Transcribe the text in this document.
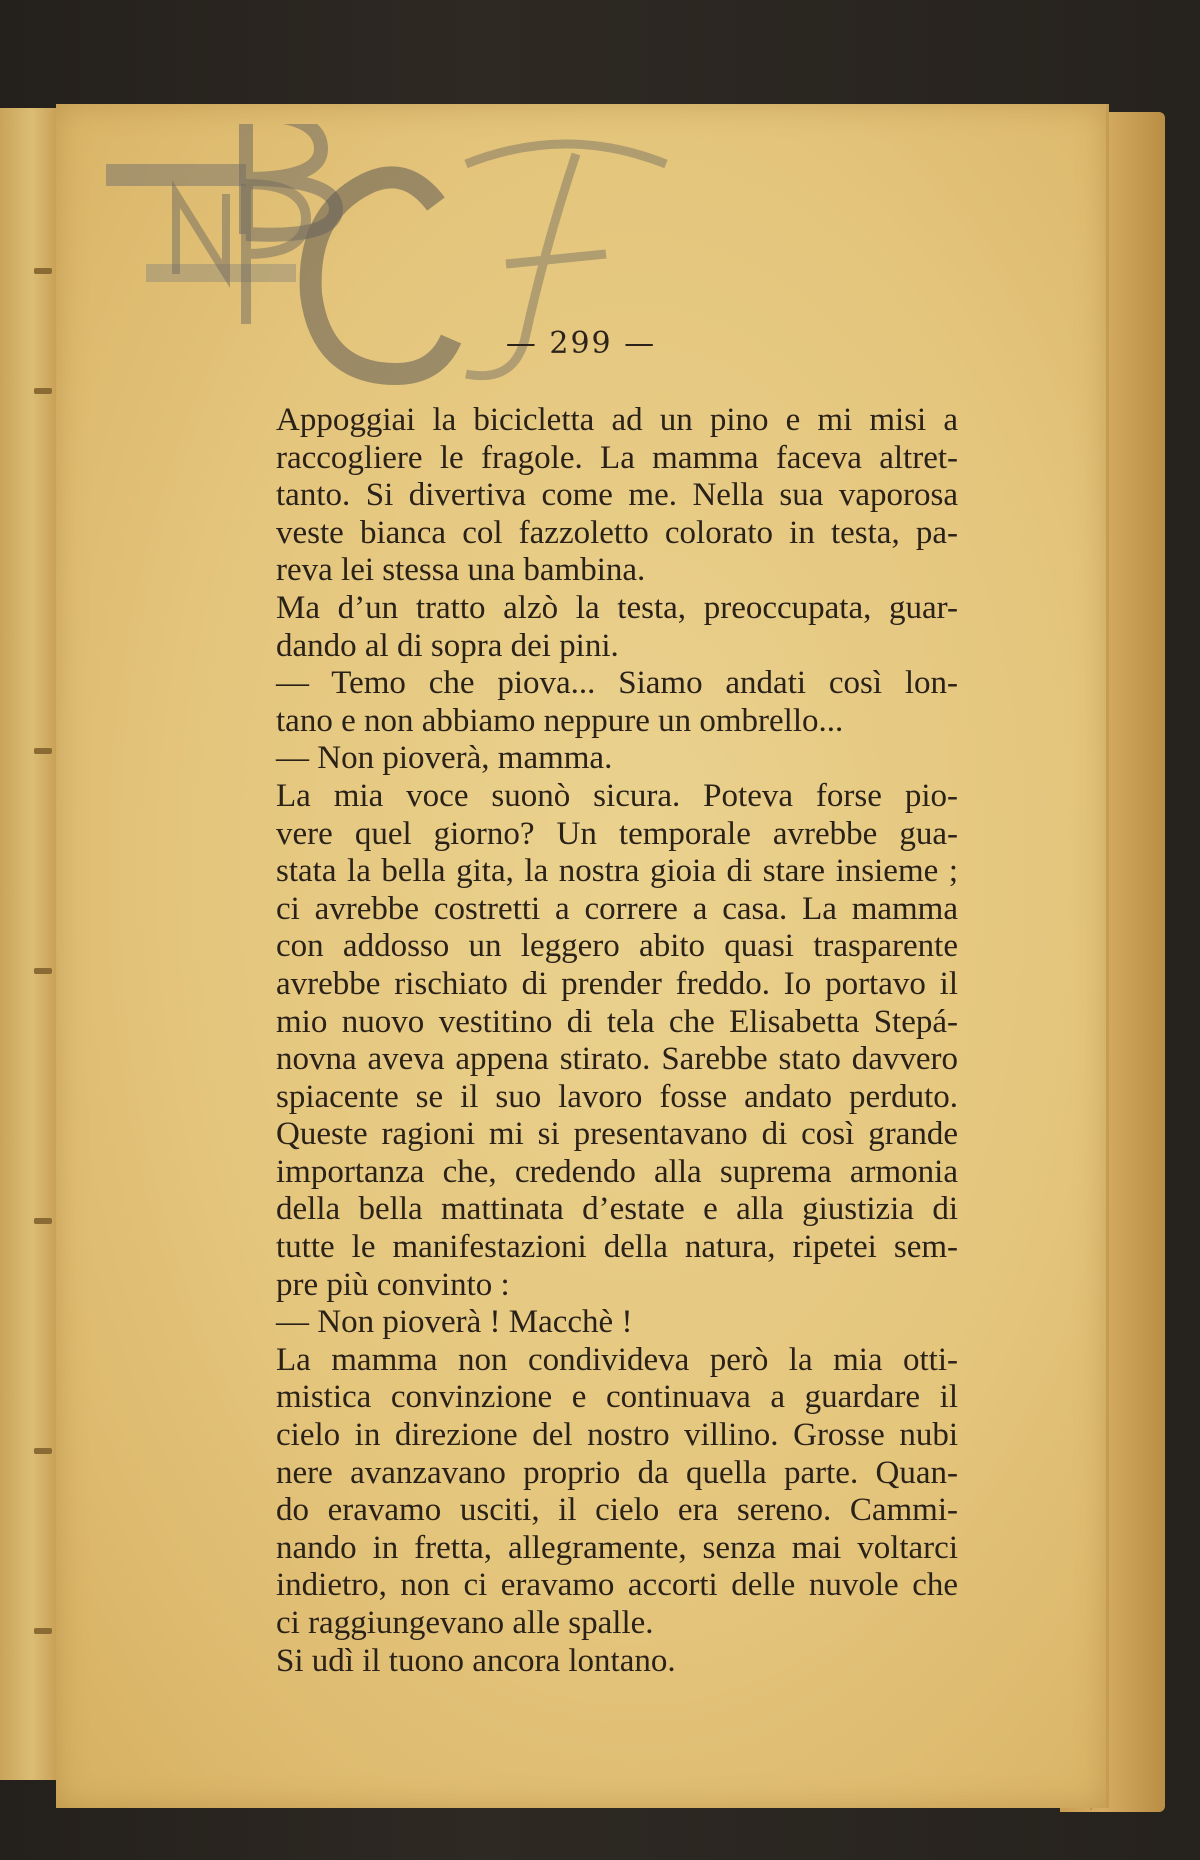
— 299 —
Appoggiai la bicicletta ad un pino e mi misi a
raccogliere le fragole. La mamma faceva altret-
tanto. Si divertiva come me. Nella sua vaporosa
veste bianca col fazzoletto colorato in testa, pa-
reva lei stessa una bambina.
Ma d’un tratto alzò la testa, preoccupata, guar-
dando al di sopra dei pini.
— Temo che piova... Siamo andati così lon-
tano e non abbiamo neppure un ombrello...
— Non pioverà, mamma.
La mia voce suonò sicura. Poteva forse pio-
vere quel giorno? Un temporale avrebbe gua-
stata la bella gita, la nostra gioia di stare insieme ;
ci avrebbe costretti a correre a casa. La mamma
con addosso un leggero abito quasi trasparente
avrebbe rischiato di prender freddo. Io portavo il
mio nuovo vestitino di tela che Elisabetta Stepá-
novna aveva appena stirato. Sarebbe stato davvero
spiacente se il suo lavoro fosse andato perduto.
Queste ragioni mi si presentavano di così grande
importanza che, credendo alla suprema armonia
della bella mattinata d’estate e alla giustizia di
tutte le manifestazioni della natura, ripetei sem-
pre più convinto :
— Non pioverà ! Macchè !
La mamma non condivideva però la mia otti-
mistica convinzione e continuava a guardare il
cielo in direzione del nostro villino. Grosse nubi
nere avanzavano proprio da quella parte. Quan-
do eravamo usciti, il cielo era sereno. Cammi-
nando in fretta, allegramente, senza mai voltarci
indietro, non ci eravamo accorti delle nuvole che
ci raggiungevano alle spalle.
Si udì il tuono ancora lontano.
